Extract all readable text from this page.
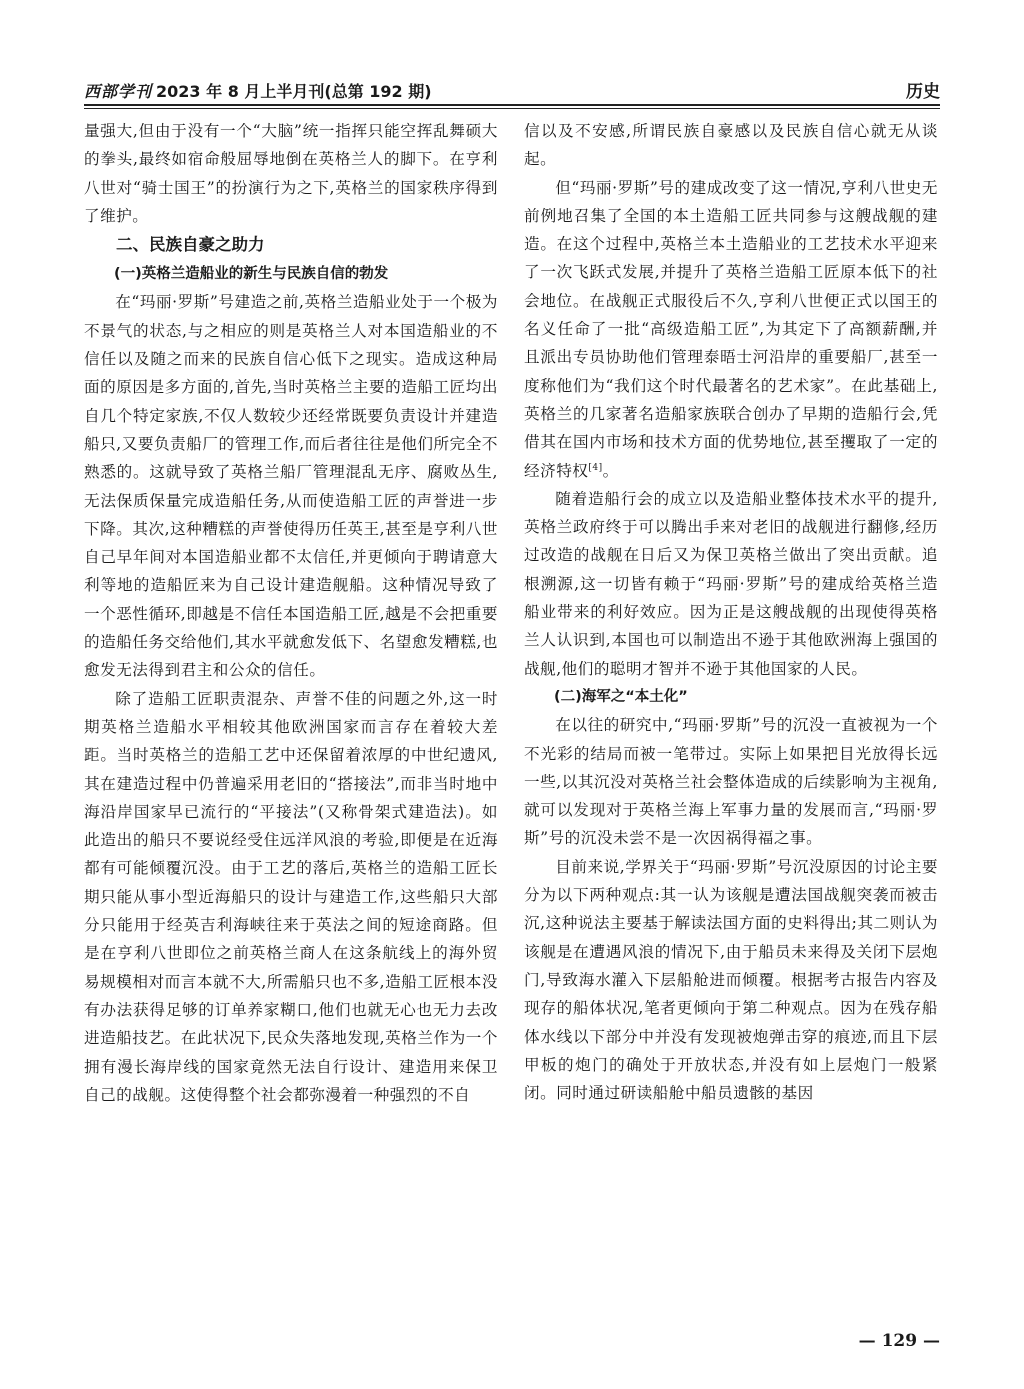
西部学刊 2023 年 8 月上半月刊(总第 192 期)	历史

量强大,但由于没有一个“大脑”统一指挥只能空挥乱舞硕大的拳头,最终如宿命般屈辱地倒在英格兰人的脚下。在亨利八世对“骑士国王”的扮演行为之下,英格兰的国家秩序得到了维护。

二、民族自豪之助力
(一)英格兰造船业的新生与民族自信的勃发

在“玛丽·罗斯”号建造之前,英格兰造船业处于一个极为不景气的状态,与之相应的则是英格兰人对本国造船业的不信任以及随之而来的民族自信心低下之现实。造成这种局面的原因是多方面的,首先,当时英格兰主要的造船工匠均出自几个特定家族,不仅人数较少还经常既要负责设计并建造船只,又要负责船厂的管理工作,而后者往往是他们所完全不熟悉的。这就导致了英格兰船厂管理混乱无序、腐败丛生,无法保质保量完成造船任务,从而使造船工匠的声誉进一步下降。其次,这种糟糕的声誉使得历任英王,甚至是亨利八世自己早年间对本国造船业都不太信任,并更倾向于聘请意大利等地的造船匠来为自己设计建造舰船。这种情况导致了一个恶性循环,即越是不信任本国造船工匠,越是不会把重要的造船任务交给他们,其水平就愈发低下、名望愈发糟糕,也愈发无法得到君主和公众的信任。

除了造船工匠职责混杂、声誉不佳的问题之外,这一时期英格兰造船水平相较其他欧洲国家而言存在着较大差距。当时英格兰的造船工艺中还保留着浓厚的中世纪遗风,其在建造过程中仍普遍采用老旧的“搭接法”,而非当时地中海沿岸国家早已流行的“平接法”(又称骨架式建造法)。如此造出的船只不要说经受住远洋风浪的考验,即便是在近海都有可能倾覆沉没。由于工艺的落后,英格兰的造船工匠长期只能从事小型近海船只的设计与建造工作,这些船只大部分只能用于经英吉利海峡往来于英法之间的短途商路。但是在亨利八世即位之前英格兰商人在这条航线上的海外贸易规模相对而言本就不大,所需船只也不多,造船工匠根本没有办法获得足够的订单养家糊口,他们也就无心也无力去改进造船技艺。在此状况下,民众失落地发现,英格兰作为一个拥有漫长海岸线的国家竟然无法自行设计、建造用来保卫自己的战舰。这使得整个社会都弥漫着一种强烈的不自

信以及不安感,所谓民族自豪感以及民族自信心就无从谈起。

但“玛丽·罗斯”号的建成改变了这一情况,亨利八世史无前例地召集了全国的本土造船工匠共同参与这艘战舰的建造。在这个过程中,英格兰本土造船业的工艺技术水平迎来了一次飞跃式发展,并提升了英格兰造船工匠原本低下的社会地位。在战舰正式服役后不久,亨利八世便正式以国王的名义任命了一批“高级造船工匠”,为其定下了高额薪酬,并且派出专员协助他们管理泰晤士河沿岸的重要船厂,甚至一度称他们为“我们这个时代最著名的艺术家”。在此基础上,英格兰的几家著名造船家族联合创办了早期的造船行会,凭借其在国内市场和技术方面的优势地位,甚至攫取了一定的经济特权[4]。

随着造船行会的成立以及造船业整体技术水平的提升,英格兰政府终于可以腾出手来对老旧的战舰进行翻修,经历过改造的战舰在日后又为保卫英格兰做出了突出贡献。追根溯源,这一切皆有赖于“玛丽·罗斯”号的建成给英格兰造船业带来的利好效应。因为正是这艘战舰的出现使得英格兰人认识到,本国也可以制造出不逊于其他欧洲海上强国的战舰,他们的聪明才智并不逊于其他国家的人民。

(二)海军之“本土化”

在以往的研究中,“玛丽·罗斯”号的沉没一直被视为一个不光彩的结局而被一笔带过。实际上如果把目光放得长远一些,以其沉没对英格兰社会整体造成的后续影响为主视角,就可以发现对于英格兰海上军事力量的发展而言,“玛丽·罗斯”号的沉没未尝不是一次因祸得福之事。

目前来说,学界关于“玛丽·罗斯”号沉没原因的讨论主要分为以下两种观点:其一认为该舰是遭法国战舰突袭而被击沉,这种说法主要基于解读法国方面的史料得出;其二则认为该舰是在遭遇风浪的情况下,由于船员未来得及关闭下层炮门,导致海水灌入下层船舱进而倾覆。根据考古报告内容及现存的船体状况,笔者更倾向于第二种观点。因为在残存船体水线以下部分中并没有发现被炮弹击穿的痕迹,而且下层甲板的炮门的确处于开放状态,并没有如上层炮门一般紧闭。同时通过研读船舱中船员遗骸的基因

— 129 —
